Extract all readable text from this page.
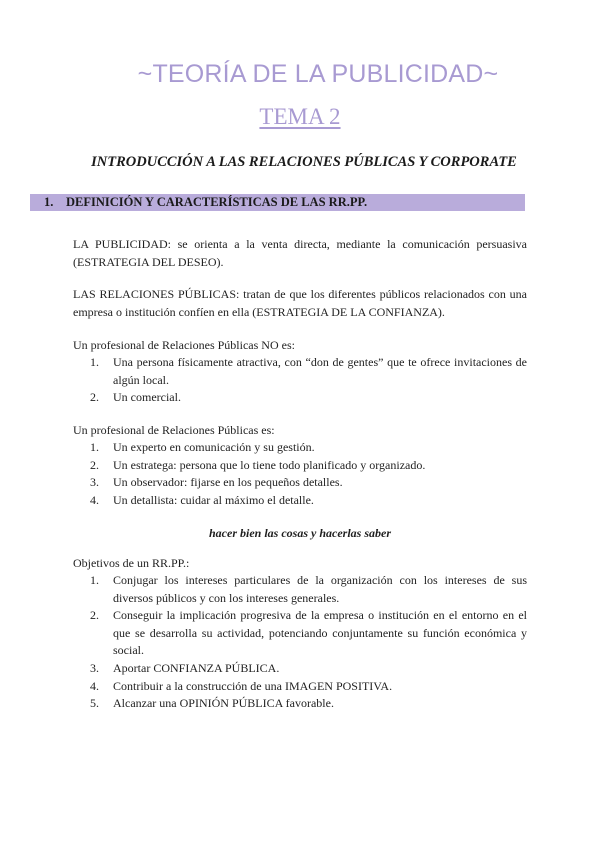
~TEORÍA DE LA PUBLICIDAD~
TEMA 2
INTRODUCCIÓN A LAS RELACIONES PÚBLICAS Y CORPORATE
1. DEFINICIÓN Y CARACTERÍSTICAS DE LAS RR.PP.
LA PUBLICIDAD: se orienta a la venta directa, mediante la comunicación persuasiva (ESTRATEGIA DEL DESEO).
LAS RELACIONES PÚBLICAS: tratan de que los diferentes públicos relacionados con una empresa o institución confíen en ella (ESTRATEGIA DE LA CONFIANZA).
Un profesional de Relaciones Públicas NO es:
1. Una persona físicamente atractiva, con “don de gentes” que te ofrece invitaciones de algún local.
2. Un comercial.
Un profesional de Relaciones Públicas es:
1. Un experto en comunicación y su gestión.
2. Un estratega: persona que lo tiene todo planificado y organizado.
3. Un observador: fijarse en los pequeños detalles.
4. Un detallista: cuidar al máximo el detalle.
hacer bien las cosas y hacerlas saber
Objetivos de un RR.PP.:
1. Conjugar los intereses particulares de la organización con los intereses de sus diversos públicos y con los intereses generales.
2. Conseguir la implicación progresiva de la empresa o institución en el entorno en el que se desarrolla su actividad, potenciando conjuntamente su función económica y social.
3. Aportar CONFIANZA PÚBLICA.
4. Contribuir a la construcción de una IMAGEN POSITIVA.
5. Alcanzar una OPINIÓN PÚBLICA favorable.
